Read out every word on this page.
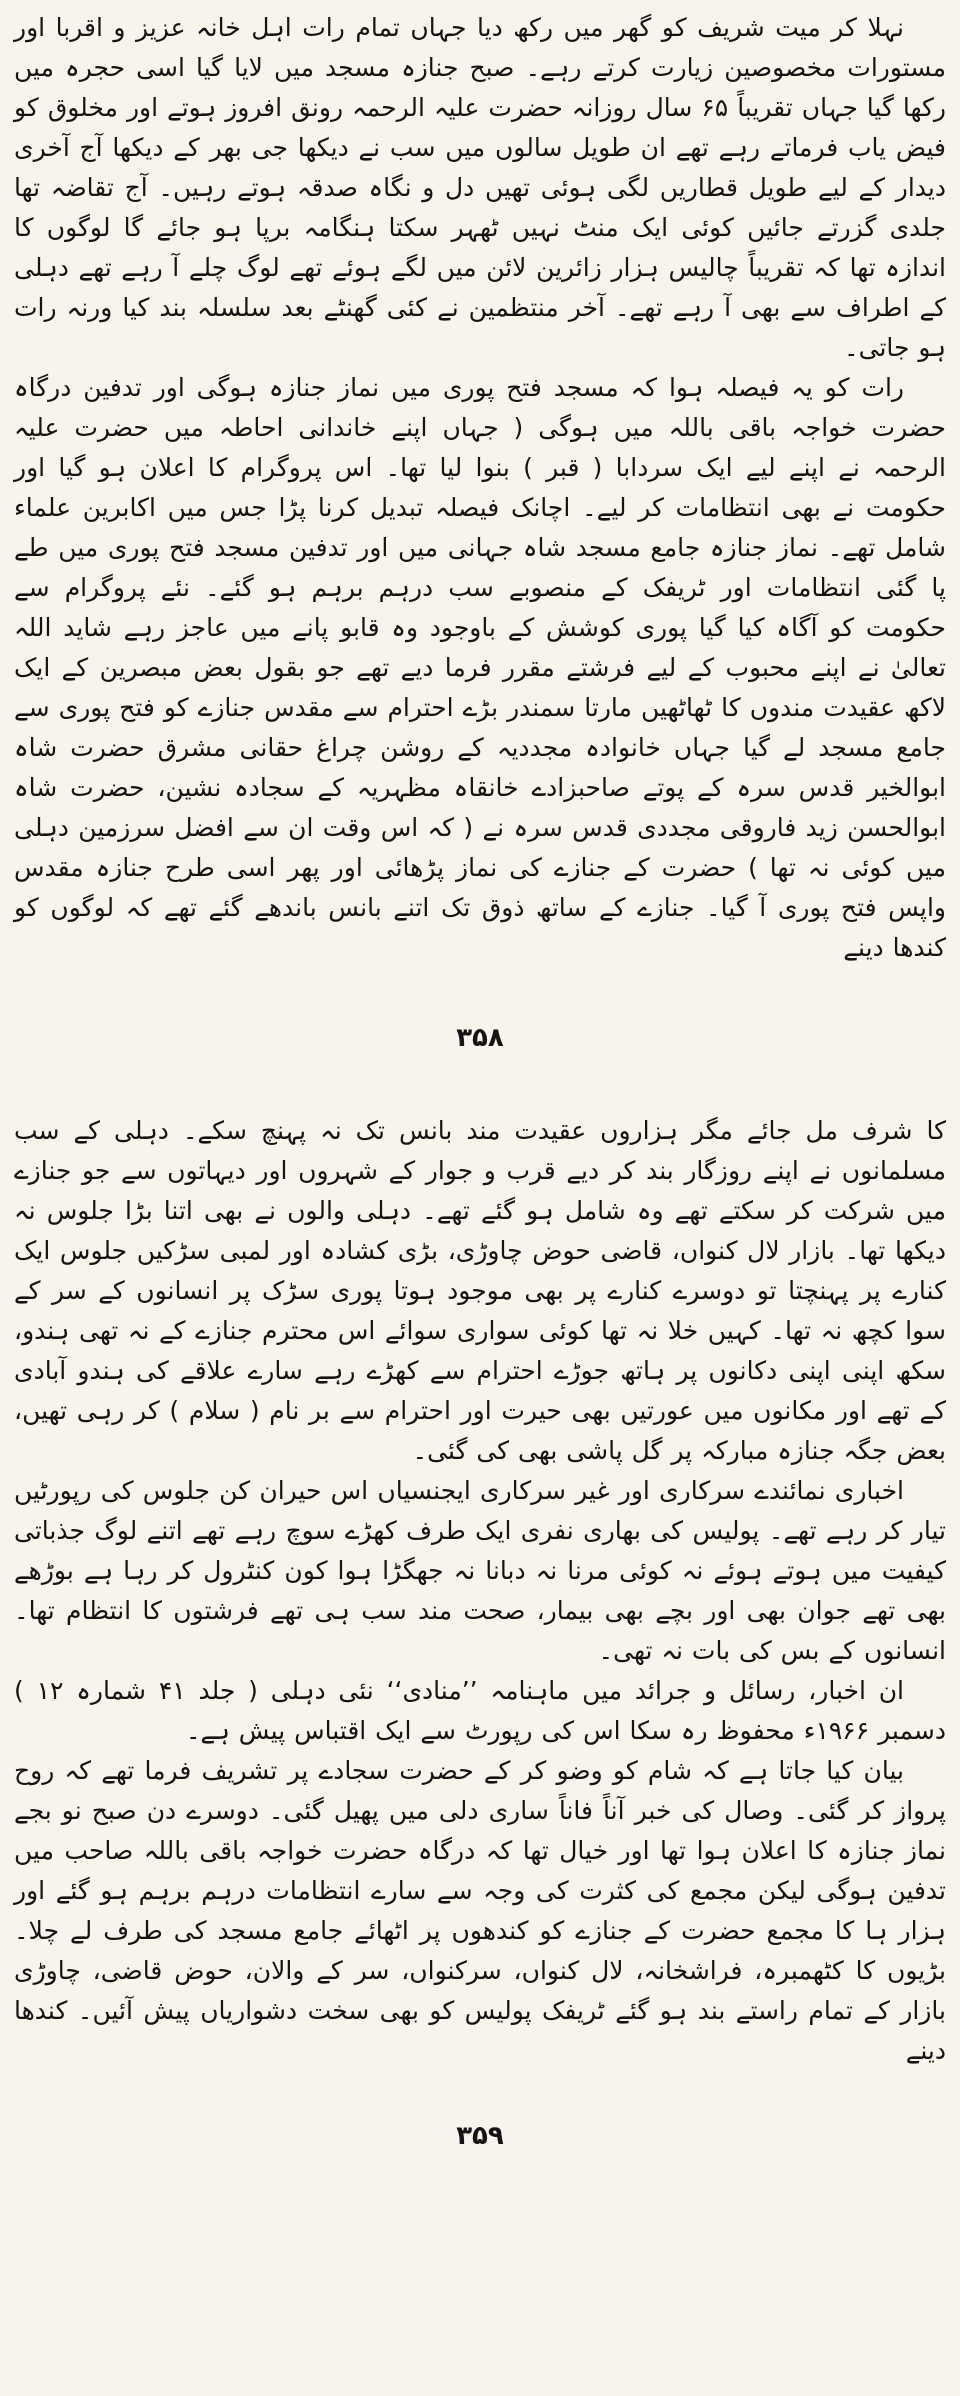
نہلا کر میت شریف کو گھر میں رکھ دیا جہاں تمام رات اہل خانہ عزیز و اقربا اور مستورات مخصوصین زیارت کرتے رہے۔ صبح جنازہ مسجد میں لایا گیا اسی حجرہ میں رکھا گیا جہاں تقریباً ۶۵ سال روزانہ حضرت علیہ الرحمہ رونق افروز ہوتے اور مخلوق کو فیض یاب فرماتے رہے تھے ان طویل سالوں میں سب نے دیکھا جی بھر کے دیکھا آج آخری دیدار کے لیے طویل قطاریں لگی ہوئی تھیں دل و نگاہ صدقہ ہوتے رہیں۔ آج تقاضہ تھا جلدی گزرتے جائیں کوئی ایک منٹ نہیں ٹھہر سکتا ہنگامہ برپا ہو جائے گا لوگوں کا اندازہ تھا کہ تقریباً چالیس ہزار زائرین لائن میں لگے ہوئے تھے لوگ چلے آ رہے تھے دہلی کے اطراف سے بھی آ رہے تھے۔ آخر منتظمین نے کئی گھنٹے بعد سلسلہ بند کیا ورنہ رات ہو جاتی۔

رات کو یہ فیصلہ ہوا کہ مسجد فتح پوری میں نماز جنازہ ہوگی اور تدفین درگاہ حضرت خواجہ باقی باللہ میں ہوگی ( جہاں اپنے خاندانی احاطہ میں حضرت علیہ الرحمہ نے اپنے لیے ایک سردابا ( قبر ) بنوا لیا تھا۔ اس پروگرام کا اعلان ہو گیا اور حکومت نے بھی انتظامات کر لیے۔ اچانک فیصلہ تبدیل کرنا پڑا جس میں اکابرین علماء شامل تھے۔ نماز جنازہ جامع مسجد شاہ جہانی میں اور تدفین مسجد فتح پوری میں طے پا گئی انتظامات اور ٹریفک کے منصوبے سب درہم برہم ہو گئے۔ نئے پروگرام سے حکومت کو آگاہ کیا گیا پوری کوشش کے باوجود وہ قابو پانے میں عاجز رہے شاید اللہ تعالیٰ نے اپنے محبوب کے لیے فرشتے مقرر فرما دیے تھے جو بقول بعض مبصرین کے ایک لاکھ عقیدت مندوں کا ٹھاٹھیں مارتا سمندر بڑے احترام سے مقدس جنازے کو فتح پوری سے جامع مسجد لے گیا جہاں خانوادہ مجددیہ کے روشن چراغ حقانی مشرق حضرت شاہ ابوالخیر قدس سرہ کے پوتے صاحبزادے خانقاہ مظہریہ کے سجادہ نشین، حضرت شاہ ابوالحسن زید فاروقی مجددی قدس سرہ نے ( کہ اس وقت ان سے افضل سرزمین دہلی میں کوئی نہ تھا ) حضرت کے جنازے کی نماز پڑھائی اور پھر اسی طرح جنازہ مقدس واپس فتح پوری آ گیا۔ جنازے کے ساتھ ذوق تک اتنے بانس باندھے گئے تھے کہ لوگوں کو کندھا دینے

۳۵۸

کا شرف مل جائے مگر ہزاروں عقیدت مند بانس تک نہ پہنچ سکے۔ دہلی کے سب مسلمانوں نے اپنے روزگار بند کر دیے قرب و جوار کے شہروں اور دیہاتوں سے جو جنازے میں شرکت کر سکتے تھے وہ شامل ہو گئے تھے۔ دہلی والوں نے بھی اتنا بڑا جلوس نہ دیکھا تھا۔ بازار لال کنواں، قاضی حوض چاوڑی، بڑی کشادہ اور لمبی سڑکیں جلوس ایک کنارے پر پہنچتا تو دوسرے کنارے پر بھی موجود ہوتا پوری سڑک پر انسانوں کے سر کے سوا کچھ نہ تھا۔ کہیں خلا نہ تھا کوئی سواری سوائے اس محترم جنازے کے نہ تھی ہندو، سکھ اپنی اپنی دکانوں پر ہاتھ جوڑے احترام سے کھڑے رہے سارے علاقے کی ہندو آبادی کے تھے اور مکانوں میں عورتیں بھی حیرت اور احترام سے بر نام ( سلام ) کر رہی تھیں، بعض جگہ جنازہ مبارکہ پر گل پاشی بھی کی گئی۔

اخباری نمائندے سرکاری اور غیر سرکاری ایجنسیاں اس حیران کن جلوس کی رپورٹیں تیار کر رہے تھے۔ پولیس کی بھاری نفری ایک طرف کھڑے سوچ رہے تھے اتنے لوگ جذباتی کیفیت میں ہوتے ہوئے نہ کوئی مرنا نہ دبانا نہ جھگڑا ہوا کون کنٹرول کر رہا ہے بوڑھے بھی تھے جوان بھی اور بچے بھی بیمار، صحت مند سب ہی تھے فرشتوں کا انتظام تھا۔ انسانوں کے بس کی بات نہ تھی۔

ان اخبار، رسائل و جرائد میں ماہنامہ ’’منادی‘‘ نئی دہلی ( جلد ۴۱ شمارہ ۱۲ ) دسمبر ۱۹۶۶ء محفوظ رہ سکا اس کی رپورٹ سے ایک اقتباس پیش ہے۔

بیان کیا جاتا ہے کہ شام کو وضو کر کے حضرت سجادے پر تشریف فرما تھے کہ روح پرواز کر گئی۔ وصال کی خبر آناً فاناً ساری دلی میں پھیل گئی۔ دوسرے دن صبح نو بجے نماز جنازہ کا اعلان ہوا تھا اور خیال تھا کہ درگاہ حضرت خواجہ باقی باللہ صاحب میں تدفین ہوگی لیکن مجمع کی کثرت کی وجہ سے سارے انتظامات درہم برہم ہو گئے اور ہزار ہا کا مجمع حضرت کے جنازے کو کندھوں پر اٹھائے جامع مسجد کی طرف لے چلا۔ بڑیوں کا کٹھمبرہ، فراشخانہ، لال کنواں، سرکنواں، سر کے والان، حوض قاضی، چاوڑی بازار کے تمام راستے بند ہو گئے ٹریفک پولیس کو بھی سخت دشواریاں پیش آئیں۔ کندھا دینے

۳۵۹
